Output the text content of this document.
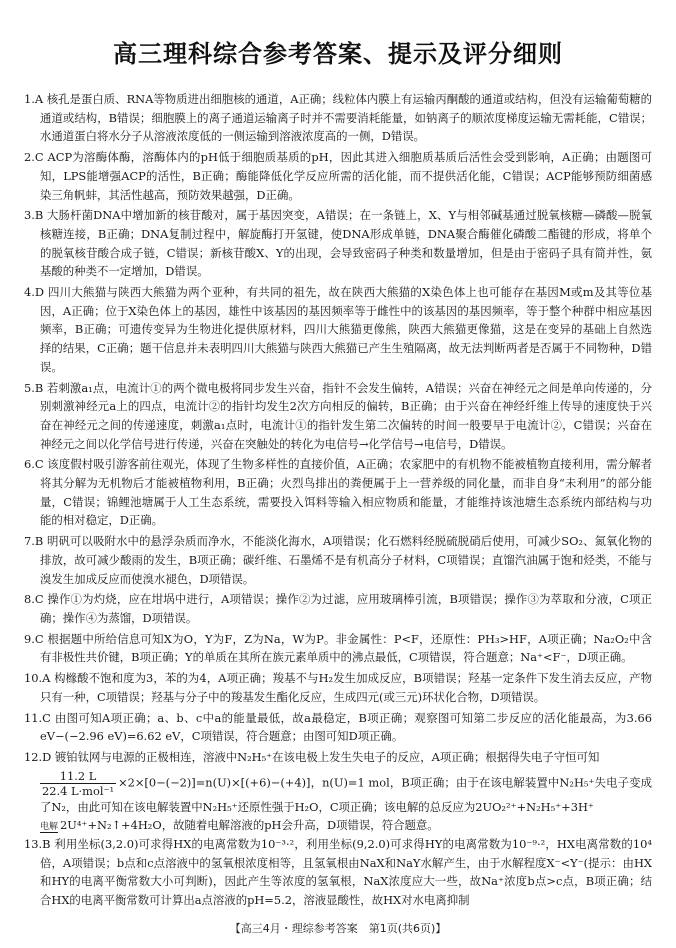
高三理科综合参考答案、提示及评分细则
1.A 核孔是蛋白质、RNA等物质进出细胞核的通道，A正确；线粒体内膜上有运输丙酮酸的通道或结构，但没有运输葡萄糖的通道或结构，B错误；细胞膜上的离子通道运输离子时并不需要消耗能量，如钠离子的顺浓度梯度运输无需耗能，C错误；水通道蛋白将水分子从溶液浓度低的一侧运输到溶液浓度高的一侧，D错误。
2.C ACP为溶酶体酶，溶酶体内的pH低于细胞质基质的pH，因此其进入细胞质基质后活性会受到影响，A正确；由题图可知，LPS能增强ACP的活性，B正确；酶能降低化学反应所需的活化能，而不提供活化能，C错误；ACP能够预防细菌感染三角帆蚌，其活性越高，预防效果越强，D正确。
3.B 大肠杆菌DNA中增加新的核苷酸对，属于基因突变，A错误；在一条链上，X、Y与相邻碱基通过脱氧核糖—磷酸—脱氧核糖连接，B正确；DNA复制过程中，解旋酶打开氢键，使DNA形成单链，DNA聚合酶催化磷酸二酯键的形成，将单个的脱氧核苷酸合成子链，C错误；新核苷酸X、Y的出现，会导致密码子种类和数量增加，但是由于密码子具有简并性，氨基酸的种类不一定增加，D错误。
4.D 四川大熊猫与陕西大熊猫为两个亚种，有共同的祖先，故在陕西大熊猫的X染色体上也可能存在基因M或m及其等位基因，A正确；位于X染色体上的基因，雄性中该基因的基因频率等于雌性中的该基因的基因频率，等于整个种群中相应基因频率，B正确；可遗传变异为生物进化提供原材料，四川大熊猫更像熊，陕西大熊猫更像猫，这是在变异的基础上自然选择的结果，C正确；题干信息并未表明四川大熊猫与陕西大熊猫已产生生殖隔离，故无法判断两者是否属于不同物种，D错误。
5.B 若刺激a₁点，电流计①的两个微电极将同步发生兴奋，指针不会发生偏转，A错误；兴奋在神经元之间是单向传递的，分别刺激神经元a上的四点，电流计②的指针均发生2次方向相反的偏转，B正确；由于兴奋在神经纤维上传导的速度快于兴奋在神经元之间的传递速度，刺激a₁点时，电流计①的指针发生第二次偏转的时间一般要早于电流计②，C错误；兴奋在神经元之间以化学信号进行传递，兴奋在突触处的转化为电信号→化学信号→电信号，D错误。
6.C 该度假村吸引游客前往观光，体现了生物多样性的直接价值，A正确；农家肥中的有机物不能被植物直接利用，需分解者将其分解为无机物后才能被植物利用，B正确；火烈鸟排出的粪便属于上一营养级的同化量，而非自身“未利用”的部分能量，C错误；锦鲤池塘属于人工生态系统，需要投入饵料等输入相应物质和能量，才能维持该池塘生态系统内部结构与功能的相对稳定，D正确。
7.B 明矾可以吸附水中的悬浮杂质而净水，不能淡化海水，A项错误；化石燃料经脱硫脱硝后使用，可减少SO₂、氮氧化物的排放，故可减少酸雨的发生，B项正确；碳纤维、石墨烯不是有机高分子材料，C项错误；直馏汽油属于饱和烃类，不能与溴发生加成反应而使溴水褪色，D项错误。
8.C 操作①为灼烧，应在坩埚中进行，A项错误；操作②为过滤，应用玻璃棒引流，B项错误；操作③为萃取和分液，C项正确；操作④为蒸馏，D项错误。
9.C 根据题中所给信息可知X为O，Y为F，Z为Na，W为P。非金属性：P<F，还原性：PH₃>HF，A项正确；Na₂O₂中含有非极性共价键，B项正确；Y的单质在其所在族元素单质中的沸点最低，C项错误，符合题意；Na⁺<F⁻，D项正确。
10.A 构橼酸不饱和度为3，苯的为4，A项正确；羧基不与H₂发生加成反应，B项错误；羟基一定条件下发生消去反应，产物只有一种，C项错误；羟基与分子中的羧基发生酯化反应，生成四元(或三元)环状化合物，D项错误。
11.C 由图可知A项正确；a、b、c中a的能量最低，故a最稳定，B项正确；观察图可知第二步反应的活化能最高，为3.66 eV−(−2.96 eV)=6.62 eV，C项错误，符合题意；由图可知D项正确。
12.D 镀铂钛网与电源的正极相连，溶液中N₂H₅⁺在该电极上发生失电子的反应，A项正确；根据得失电子守恒可知
$\frac{11.2 L}{\text{22.4 L·mol⁻¹}} \times 2\times[0-(-2)]=n(U)\times[(+6)-(+4)]$，n(U)=1 mol，B项正确；由于在该电解装置中N₂H₅⁺失电子变成了N₂，由此可知在该电解装置中N₂H₅⁺还原性强于H₂O，C项正确；该电解的总反应为2UO₂²⁺+N₂H₅⁺+3H⁺
电解 2U⁴⁺+N₂↑+4H₂O，故随着电解溶液的pH会升高，D项错误，符合题意。
13.B 利用坐标(3,2.0)可求得HX的电离常数为10⁻³·²，利用坐标(9,2.0)可求得HY的电离常数为10⁻⁹·²，HX电离常数的10⁴倍，A项错误；b点和c点溶液中的氢氧根浓度相等，且氢氧根由NaX和NaY水解产生，由于水解程度X⁻<Y⁻(提示：由HX和HY的电离平衡常数大小可判断)，因此产生等浓度的氢氧根，NaX浓度应大一些，故Na⁺浓度b点>c点，B项正确；结合HX的电离平衡常数可计算出a点溶液的pH=5.2，溶液显酸性，故HX对水电离抑制
【高三4月・理综参考答案　第1页(共6页)】
